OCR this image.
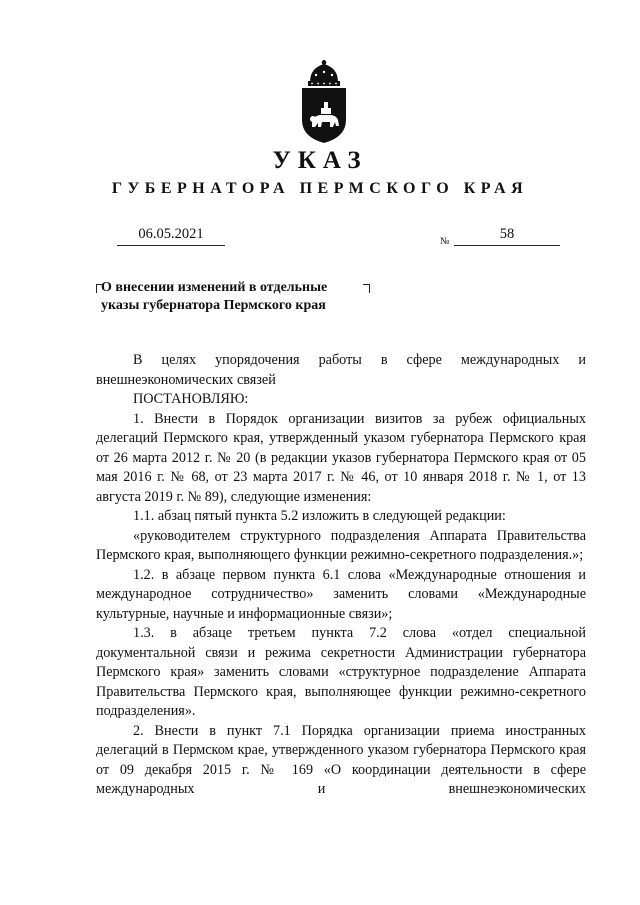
УКАЗ
ГУБЕРНАТОРА ПЕРМСКОГО КРАЯ
06.05.2021	№	58
О внесении изменений в отдельные
указы губернатора Пермского края

В целях упорядочения работы в сфере международных и внешнеэкономических связей

ПОСТАНОВЛЯЮ:

1. Внести в Порядок организации визитов за рубеж официальных делегаций Пермского края, утвержденный указом губернатора Пермского края от 26 марта 2012 г. № 20 (в редакции указов губернатора Пермского края от 05 мая 2016 г. № 68, от 23 марта 2017 г. № 46, от 10 января 2018 г. № 1, от 13 августа 2019 г. № 89), следующие изменения:

1.1. абзац пятый пункта 5.2 изложить в следующей редакции:

«руководителем структурного подразделения Аппарата Правительства Пермского края, выполняющего функции режимно-секретного подразделения.»;

1.2. в абзаце первом пункта 6.1 слова «Международные отношения и международное сотрудничество» заменить словами «Международные культурные, научные и информационные связи»;

1.3. в абзаце третьем пункта 7.2 слова «отдел специальной документальной связи и режима секретности Администрации губернатора Пермского края» заменить словами «структурное подразделение Аппарата Правительства Пермского края, выполняющее функции режимно-секретного подразделения».

2. Внести в пункт 7.1 Порядка организации приема иностранных делегаций в Пермском крае, утвержденного указом губернатора Пермского края от 09 декабря 2015 г. № 169 «О координации деятельности в сфере международных и внешнеэкономических
